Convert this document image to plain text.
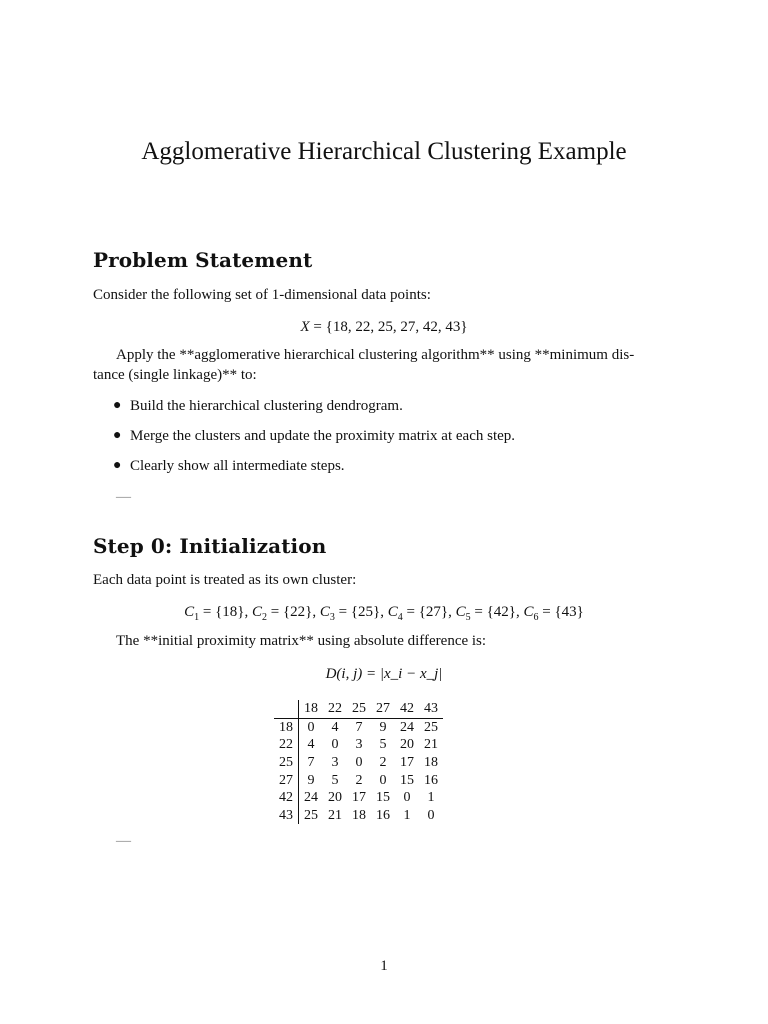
Agglomerative Hierarchical Clustering Example
Problem Statement

Consider the following set of 1-dimensional data points:

X = {18, 22, 25, 27, 42, 43}

Apply the **agglomerative hierarchical clustering algorithm** using **minimum dis-

tance (single linkage)** to:

● Build the hierarchical clustering dendrogram.
● Merge the clusters and update the proximity matrix at each step.
● Clearly show all intermediate steps.
—
Step 0: Initialization

Each data point is treated as its own cluster:

$C_1 = \{18\}$, $C_2 = \{22\}$, $C_3 = \{25\}$, $C_4 = \{27\}$, $C_5 = \{42\}$, $C_6 = \{43\}$

The **initial proximity matrix** using absolute difference is:

D(i, j) = |x_i − x_j|
	18	22	25	27	42	43
18	0	4	7	9	24	25
22	4	0	3	5	20	21
25	7	3	0	2	17	18
27	9	5	2	0	15	16
42	24	20	17	15	0	1
43	25	21	18	16	1	0
—
1
